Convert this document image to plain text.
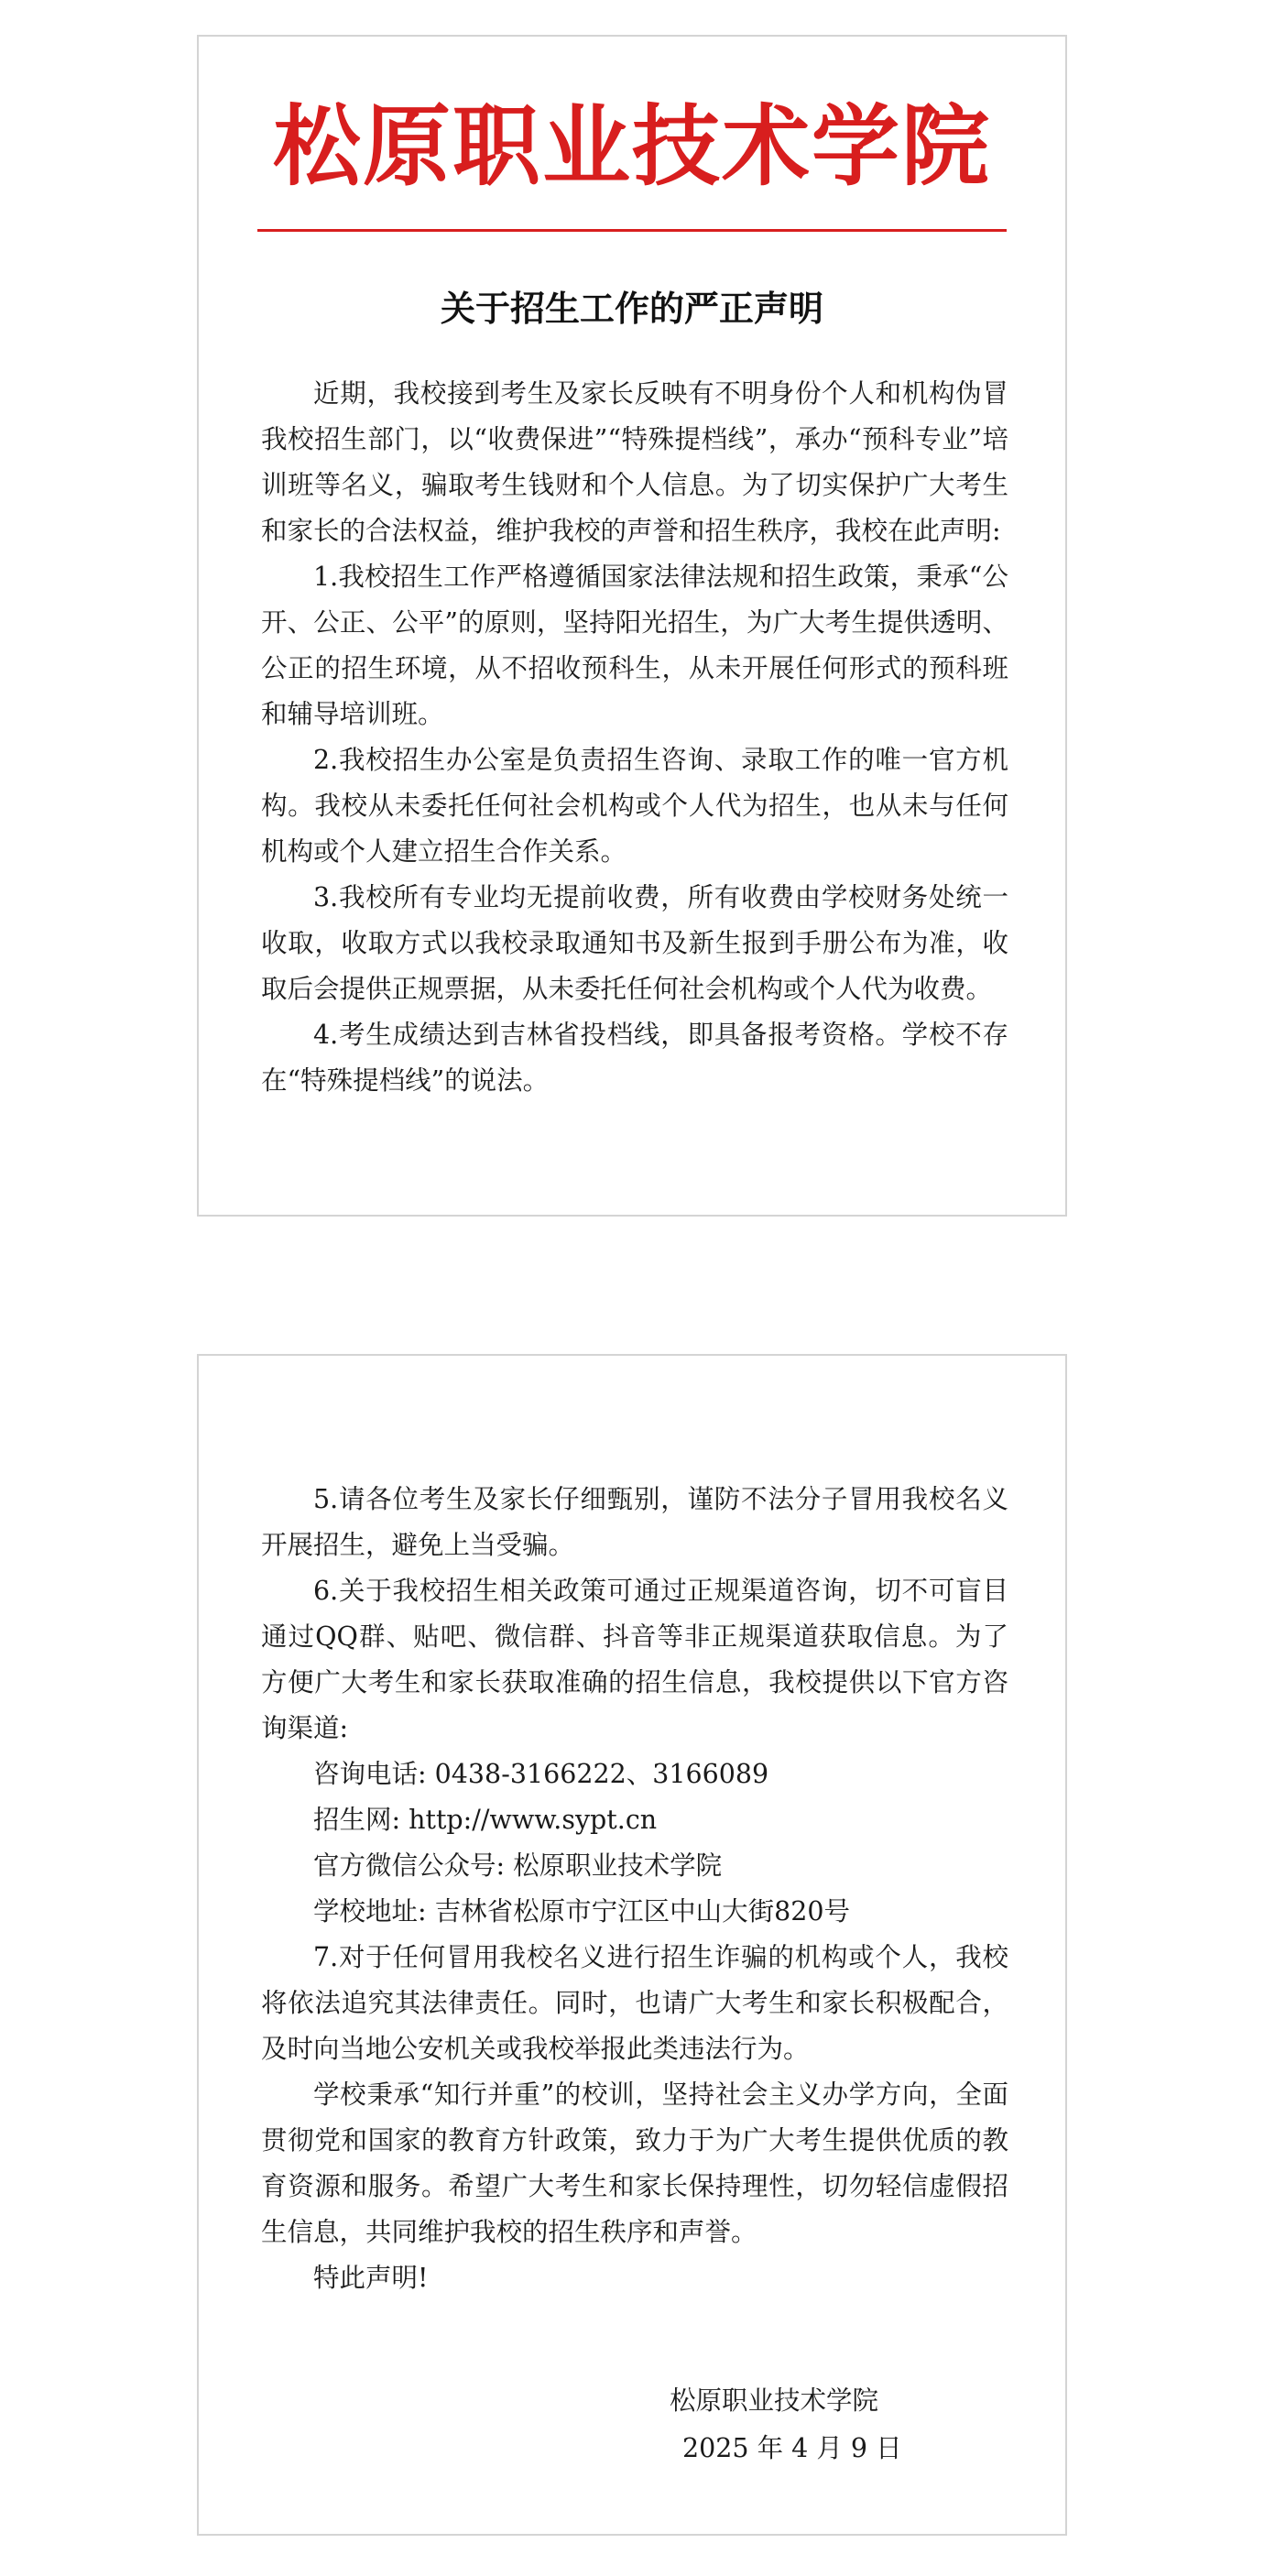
松原职业技术学院
关于招生工作的严正声明

近期，我校接到考生及家长反映有不明身份个人和机构伪冒我校招生部门，以“收费保进”“特殊提档线”，承办“预科专业”培训班等名义，骗取考生钱财和个人信息。为了切实保护广大考生和家长的合法权益，维护我校的声誉和招生秩序，我校在此声明:

1.我校招生工作严格遵循国家法律法规和招生政策，秉承“公开、公正、公平”的原则，坚持阳光招生，为广大考生提供透明、公正的招生环境，从不招收预科生，从未开展任何形式的预科班和辅导培训班。

2.我校招生办公室是负责招生咨询、录取工作的唯一官方机构。我校从未委托任何社会机构或个人代为招生，也从未与任何机构或个人建立招生合作关系。

3.我校所有专业均无提前收费，所有收费由学校财务处统一收取，收取方式以我校录取通知书及新生报到手册公布为准，收取后会提供正规票据，从未委托任何社会机构或个人代为收费。

4.考生成绩达到吉林省投档线，即具备报考资格。学校不存在“特殊提档线”的说法。

5.请各位考生及家长仔细甄别，谨防不法分子冒用我校名义开展招生，避免上当受骗。

6.关于我校招生相关政策可通过正规渠道咨询，切不可盲目通过QQ群、贴吧、微信群、抖音等非正规渠道获取信息。为了方便广大考生和家长获取准确的招生信息，我校提供以下官方咨询渠道:

咨询电话: 0438-3166222、3166089

招生网: http://www.sypt.cn

官方微信公众号: 松原职业技术学院

学校地址: 吉林省松原市宁江区中山大街820号

7.对于任何冒用我校名义进行招生诈骗的机构或个人，我校将依法追究其法律责任。同时，也请广大考生和家长积极配合，及时向当地公安机关或我校举报此类违法行为。

学校秉承“知行并重”的校训，坚持社会主义办学方向，全面贯彻党和国家的教育方针政策，致力于为广大考生提供优质的教育资源和服务。希望广大考生和家长保持理性，切勿轻信虚假招生信息，共同维护我校的招生秩序和声誉。

特此声明!

松原职业技术学院
2025 年 4 月 9 日
